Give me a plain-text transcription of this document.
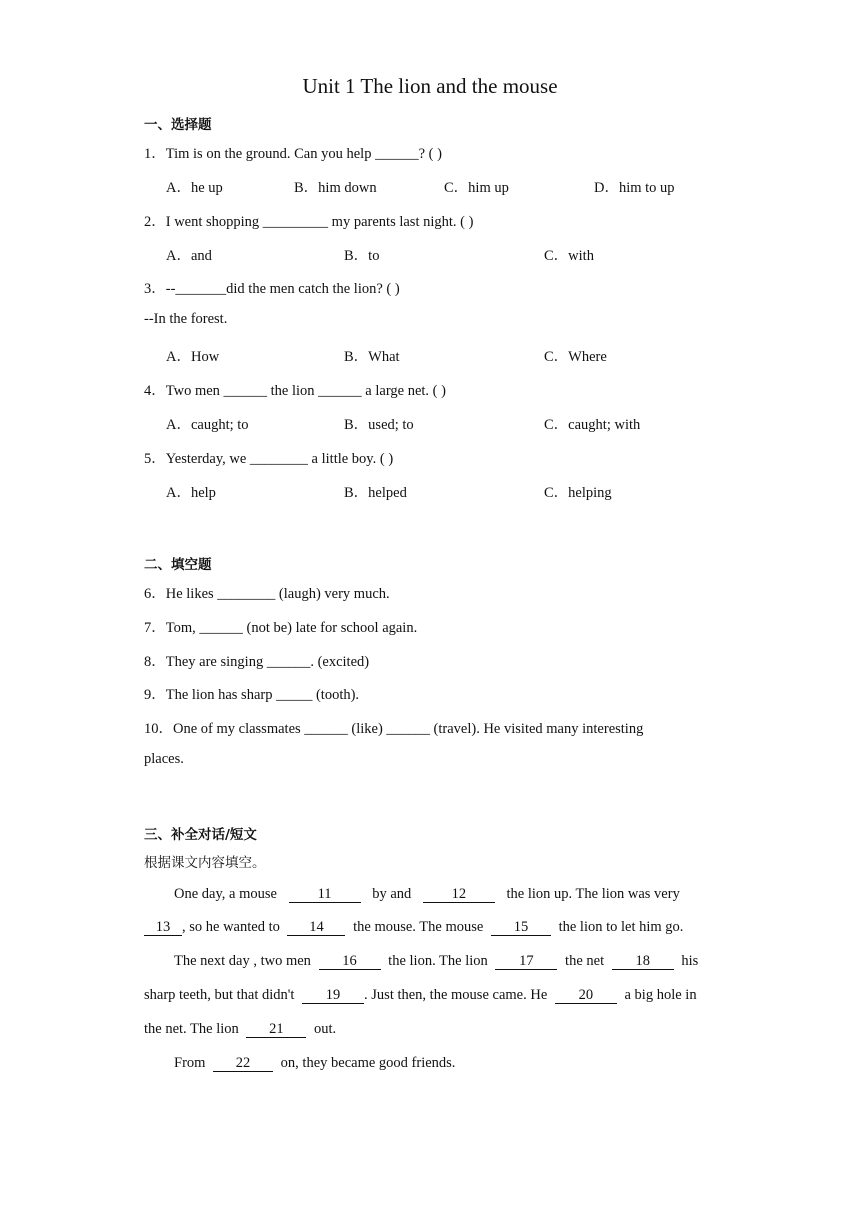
Unit 1 The lion and the mouse
一、选择题
1．Tim is on the ground. Can you help ______? ( )
A．he up	B．him down	C．him up	D．him to up
2．I went shopping _________ my parents last night. ( )
A．and	B．to	C．with
3．--_______did the men catch the lion? ( )
--In the forest.
A．How	B．What	C．Where
4．Two men ______ the lion ______ a large net. ( )
A．caught; to	B．used; to	C．caught; with
5．Yesterday, we ________ a little boy. ( )
A．help	B．helped	C．helping
二、填空题
6．He likes ________ (laugh) very much.
7．Tom, ______ (not be) late for school again.
8．They are singing ______. (excited)
9．The lion has sharp _____ (tooth).
10．One of my classmates ______ (like) ______ (travel). He visited many interesting
places.
三、补全对话/短文
根据课文内容填空。
One day, a mouse	11	by and	12	the lion up. The lion was very
13 , so he wanted to 14 the mouse. The mouse 15 the lion to let him go.
The next day , two men 16 the lion. The lion 17 the net 18 his
sharp teeth, but that didn't 19 . Just then, the mouse came. He 20 a big hole in
the net. The lion 21 out.
From 22 on, they became good friends.
